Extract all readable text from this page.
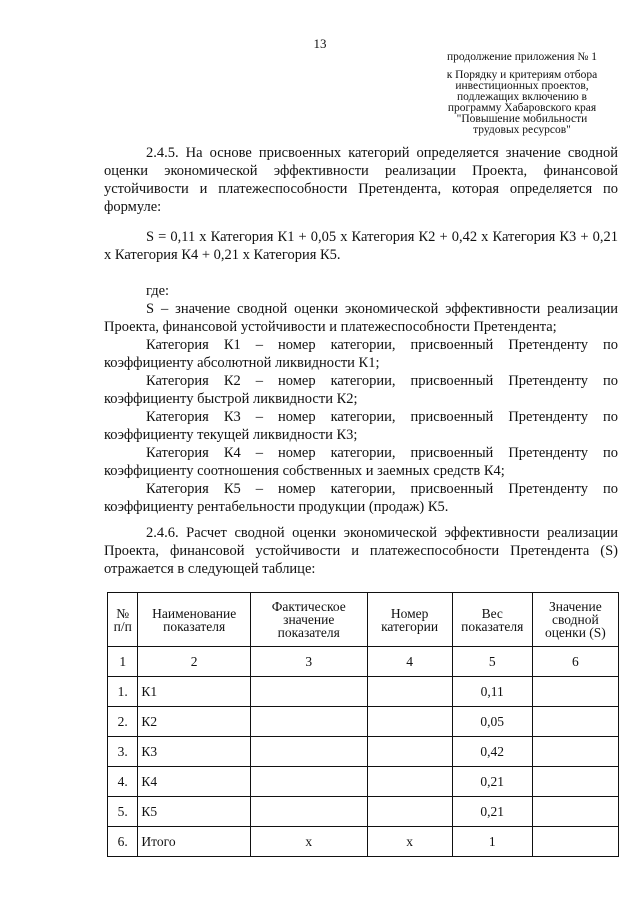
13
продолжение приложения № 1
к Порядку и критериям отбора
инвестиционных проектов,
подлежащих включению в
программу Хабаровского края
"Повышение мобильности
трудовых ресурсов"

2.4.5. На основе присвоенных категорий определяется значение сводной оценки экономической эффективности реализации Проекта, финансовой устойчивости и платежеспособности Претендента, которая определяется по формуле:

S = 0,11 х Категория К1 + 0,05 х Категория К2 + 0,42 х Категория К3 + 0,21 х Категория К4 + 0,21 х Категория К5.

где:

S – значение сводной оценки экономической эффективности реализации Проекта, финансовой устойчивости и платежеспособности Претендента;

Категория К1 – номер категории, присвоенный Претенденту по коэффициенту абсолютной ликвидности К1;

Категория К2 – номер категории, присвоенный Претенденту по коэффициенту быстрой ликвидности К2;

Категория К3 – номер категории, присвоенный Претенденту по коэффициенту текущей ликвидности К3;

Категория К4 – номер категории, присвоенный Претенденту по коэффициенту соотношения собственных и заемных средств К4;

Категория К5 – номер категории, присвоенный Претенденту по коэффициенту рентабельности продукции (продаж) К5.

2.4.6. Расчет сводной оценки экономической эффективности реализации Проекта, финансовой устойчивости и платежеспособности Претендента (S) отражается в следующей таблице:

№ п/п	Наименование показателя	Фактическое значение показателя	Номер категории	Вес показателя	Значение сводной оценки (S)
1	2	3	4	5	6
1.	К1			0,11	
2.	К2			0,05	
3.	К3			0,42	
4.	К4			0,21	
5.	К5			0,21	
6.	Итого	х	х	1	
